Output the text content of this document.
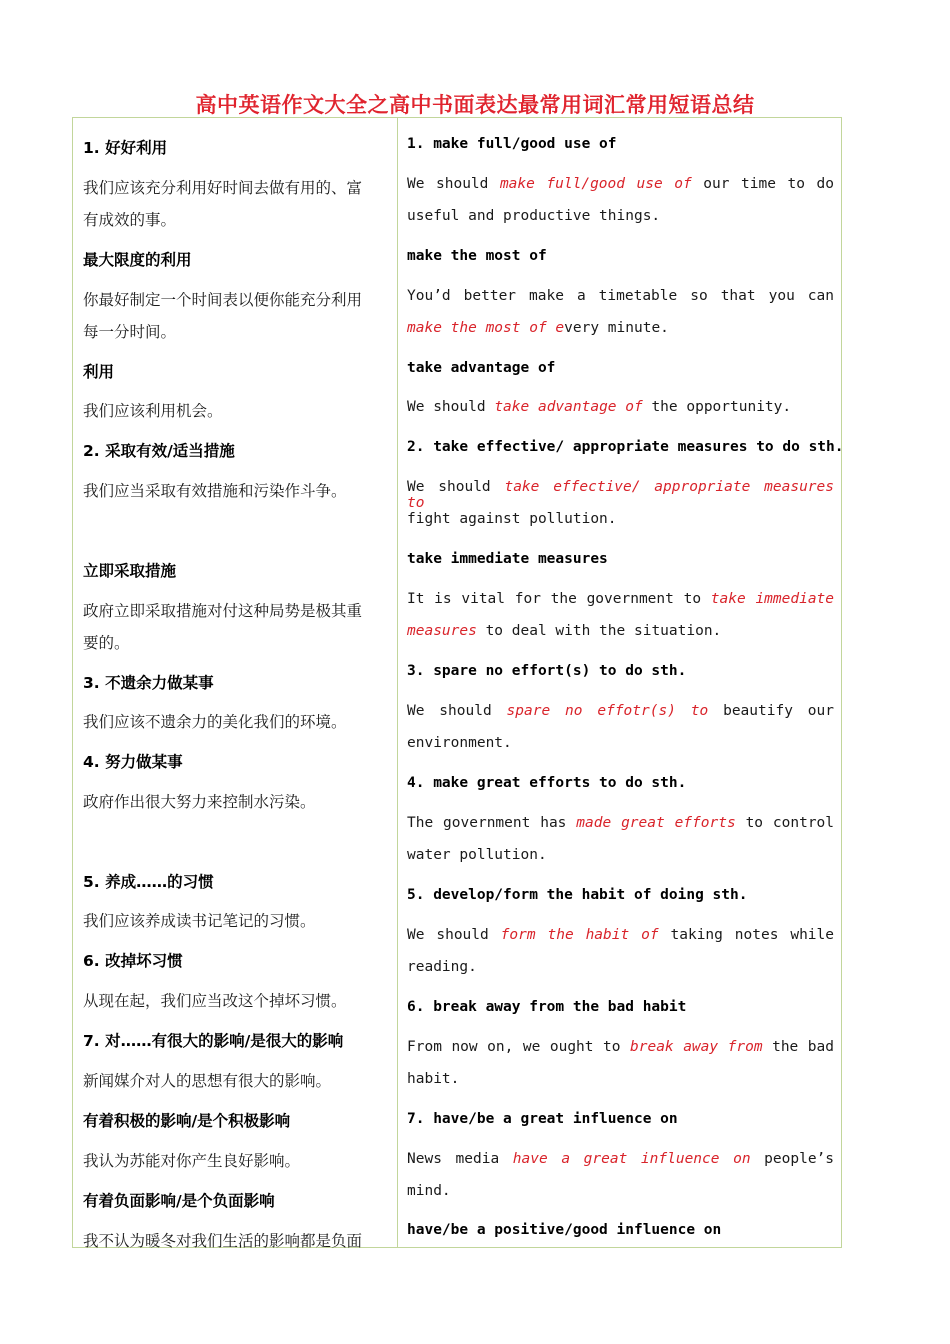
高中英语作文大全之高中书面表达最常用词汇常用短语总结
1. 好好利用
我们应该充分利用好时间去做有用的、富
有成效的事。
最大限度的利用
你最好制定一个时间表以便你能充分利用
每一分时间。
利用
我们应该利用机会。
2. 采取有效/适当措施
我们应当采取有效措施和污染作斗争。
立即采取措施
政府立即采取措施对付这种局势是极其重
要的。
3. 不遗余力做某事
我们应该不遗余力的美化我们的环境。
4. 努力做某事
政府作出很大努力来控制水污染。
5. 养成……的习惯
我们应该养成读书记笔记的习惯。
6. 改掉坏习惯
从现在起，我们应当改这个掉坏习惯。
7. 对……有很大的影响/是很大的影响
新闻媒介对人的思想有很大的影响。
有着积极的影响/是个积极影响
我认为苏能对你产生良好影响。
有着负面影响/是个负面影响
我不认为暖冬对我们生活的影响都是负面
1. make full/good use of
We should make full/good use of our time to do
useful and productive things.
make the most of
You’d better make a timetable so that you can
make the most of every minute.
take advantage of
We should take advantage of the opportunity.
2. take effective/ appropriate measures to do sth.
We should take effective/ appropriate measures to
fight against pollution.
take immediate measures
It is vital for the government to take immediate
measures to deal with the situation.
3. spare no effort(s) to do sth.
We should spare no effotr(s) to beautify our
environment.
4. make great efforts to do sth.
The government has made great efforts to control
water pollution.
5. develop/form the habit of doing sth.
We should form the habit of taking notes while
reading.
6. break away from the bad habit
From now on, we ought to break away from the bad
habit.
7. have/be a great influence on
News media have a great influence on people’s
mind.
have/be a positive/good influence on
